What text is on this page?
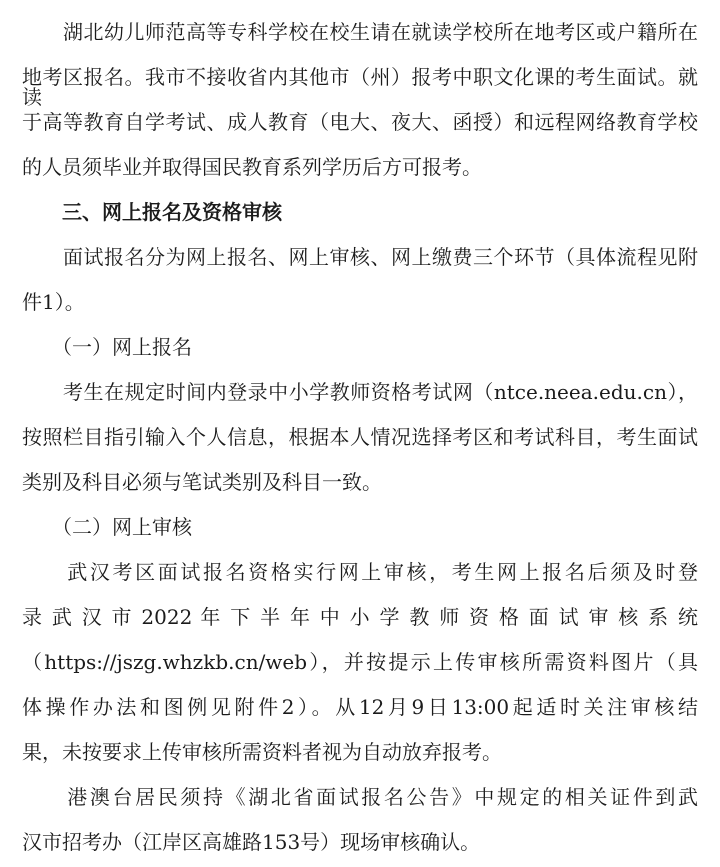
　　湖北幼儿师范高等专科学校在校生请在就读学校所在地考区或户籍所在
地考区报名。我市不接收省内其他市（州）报考中职文化课的考生面试。就读
于高等教育自学考试、成人教育（电大、夜大、函授）和远程网络教育学校
的人员须毕业并取得国民教育系列学历后方可报考。
　　三、网上报名及资格审核
　　面试报名分为网上报名、网上审核、网上缴费三个环节（具体流程见附
件1）。
　　（一）网上报名
　　考生在规定时间内登录中小学教师资格考试网（ntce.neea.edu.cn），
按照栏目指引输入个人信息，根据本人情况选择考区和考试科目，考生面试
类别及科目必须与笔试类别及科目一致。
　　（二）网上审核
　　武汉考区面试报名资格实行网上审核，考生网上报名后须及时登
录 武 汉 市 2022 年 下 半 年 中 小 学 教 师 资 格 面 试 审 核 系 统
（https://jszg.whzkb.cn/web），并按提示上传审核所需资料图片（具
体操作办法和图例见附件2）。从12月9日13:00起适时关注审核结
果，未按要求上传审核所需资料者视为自动放弃报考。
　　港澳台居民须持《湖北省面试报名公告》中规定的相关证件到武
汉市招考办（江岸区高雄路153号）现场审核确认。
